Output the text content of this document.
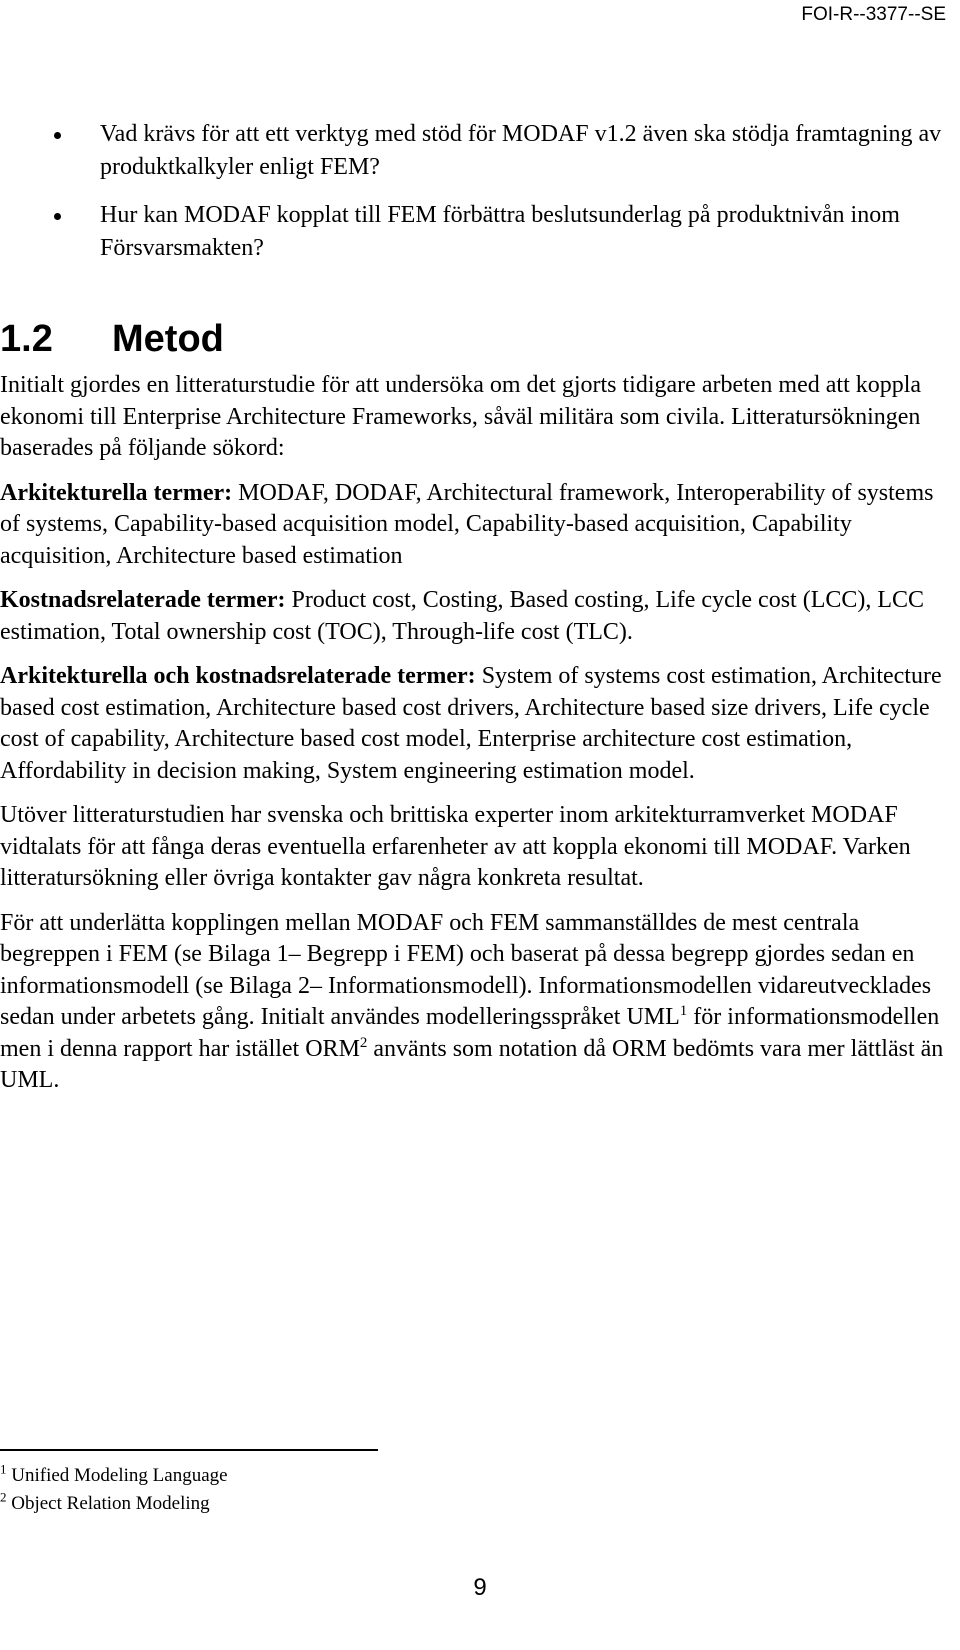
FOI-R--3377--SE
Vad krävs för att ett verktyg med stöd för MODAF v1.2 även ska stödja framtagning av produktkalkyler enligt FEM?
Hur kan MODAF kopplat till FEM förbättra beslutsunderlag på produktnivån inom Försvarsmakten?
1.2	Metod

Initialt gjordes en litteraturstudie för att undersöka om det gjorts tidigare arbeten med att koppla ekonomi till Enterprise Architecture Frameworks, såväl militära som civila. Litteratursökningen baserades på följande sökord:

Arkitekturella termer: MODAF, DODAF, Architectural framework, Interoperability of systems of systems, Capability-based acquisition model, Capability-based acquisition, Capability acquisition, Architecture based estimation

Kostnadsrelaterade termer: Product cost, Costing, Based costing, Life cycle cost (LCC), LCC estimation, Total ownership cost (TOC), Through-life cost (TLC).

Arkitekturella och kostnadsrelaterade termer: System of systems cost estimation, Architecture based cost estimation, Architecture based cost drivers, Architecture based size drivers, Life cycle cost of capability, Architecture based cost model, Enterprise architecture cost estimation, Affordability in decision making, System engineering estimation model.

Utöver litteraturstudien har svenska och brittiska experter inom arkitekturramverket MODAF vidtalats för att fånga deras eventuella erfarenheter av att koppla ekonomi till MODAF. Varken litteratursökning eller övriga kontakter gav några konkreta resultat.

För att underlätta kopplingen mellan MODAF och FEM sammanställdes de mest centrala begreppen i FEM (se Bilaga 1– Begrepp i FEM) och baserat på dessa begrepp gjordes sedan en informationsmodell (se Bilaga 2– Informationsmodell). Informationsmodellen vidareutvecklades sedan under arbetets gång. Initialt användes modelleringsspråket UML$^1$ för informationsmodellen men i denna rapport har istället ORM$^2$ använts som notation då ORM bedömts vara mer lättläst än UML.

$^1$ Unified Modeling Language
$^2$ Object Relation Modeling
9
